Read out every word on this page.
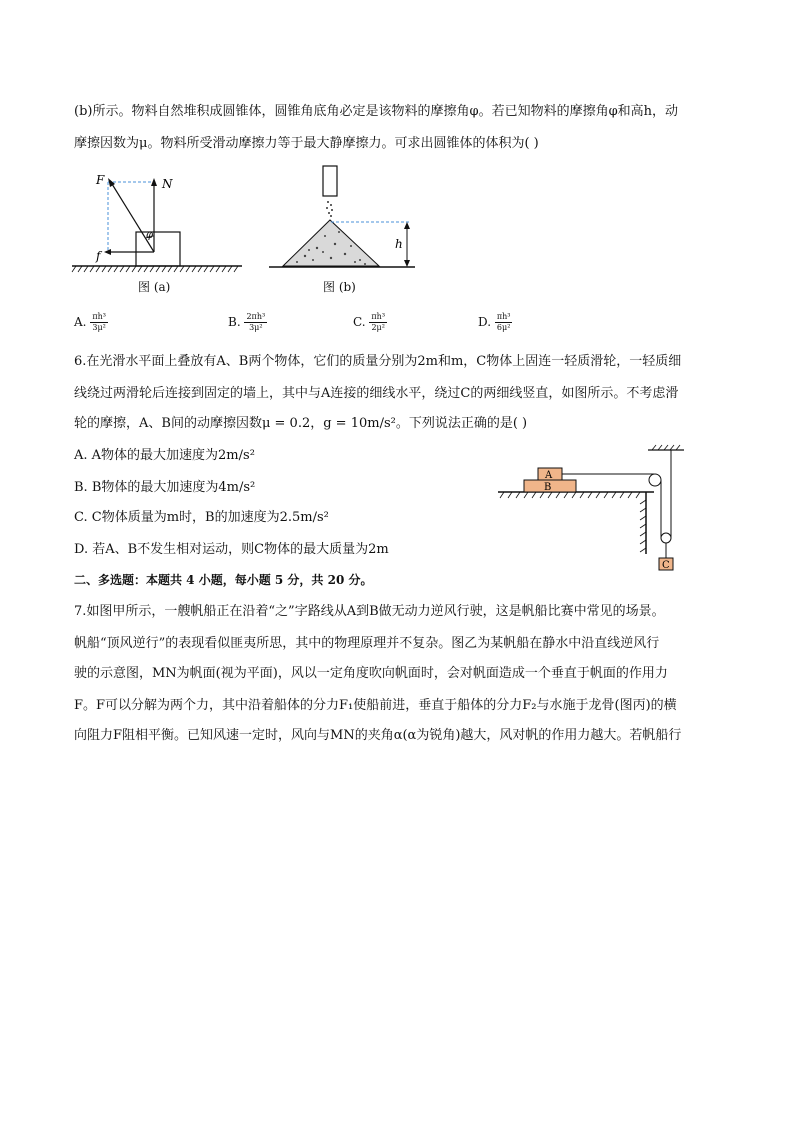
(b)所示。物料自然堆积成圆锥体，圆锥角底角必定是该物料的摩擦角φ。若已知物料的摩擦角φ和高h，动
摩擦因数为μ。物料所受滑动摩擦力等于最大静摩擦力。可求出圆锥体的体积为( )
F	N
f
φ
图 (a)
h
图 (b)
A. $\frac{\text{πh³}}{\text{3μ²}}$	B. $\frac{\text{2πh³}}{\text{3μ²}}$	C. $\frac{\text{πh³}}{\text{2μ²}}$	D. $\frac{\text{πh³}}{\text{6μ²}}$
6.在光滑水平面上叠放有A、B两个物体，它们的质量分别为2m和m，C物体上固连一轻质滑轮，一轻质细
线绕过两滑轮后连接到固定的墙上，其中与A连接的细线水平，绕过C的两细线竖直，如图所示。不考虑滑
轮的摩擦，A、B间的动摩擦因数μ = 0.2，g = 10m/s²。下列说法正确的是( )
A. A物体的最大加速度为2m/s²
B. B物体的最大加速度为4m/s²
C. C物体质量为m时，B的加速度为2.5m/s²
D. 若A、B不发生相对运动，则C物体的最大质量为2m
A
B
C
二、多选题：本题共 4 小题，每小题 5 分，共 20 分。
7.如图甲所示，一艘帆船正在沿着“之”字路线从A到B做无动力逆风行驶，这是帆船比赛中常见的场景。
帆船“顶风逆行”的表现看似匪夷所思，其中的物理原理并不复杂。图乙为某帆船在静水中沿直线逆风行
驶的示意图，MN为帆面(视为平面)，风以一定角度吹向帆面时，会对帆面造成一个垂直于帆面的作用力
F。F可以分解为两个力，其中沿着船体的分力F₁使船前进，垂直于船体的分力F₂与水施于龙骨(图丙)的横
向阻力F阻相平衡。已知风速一定时，风向与MN的夹角α(α为锐角)越大，风对帆的作用力越大。若帆船行
